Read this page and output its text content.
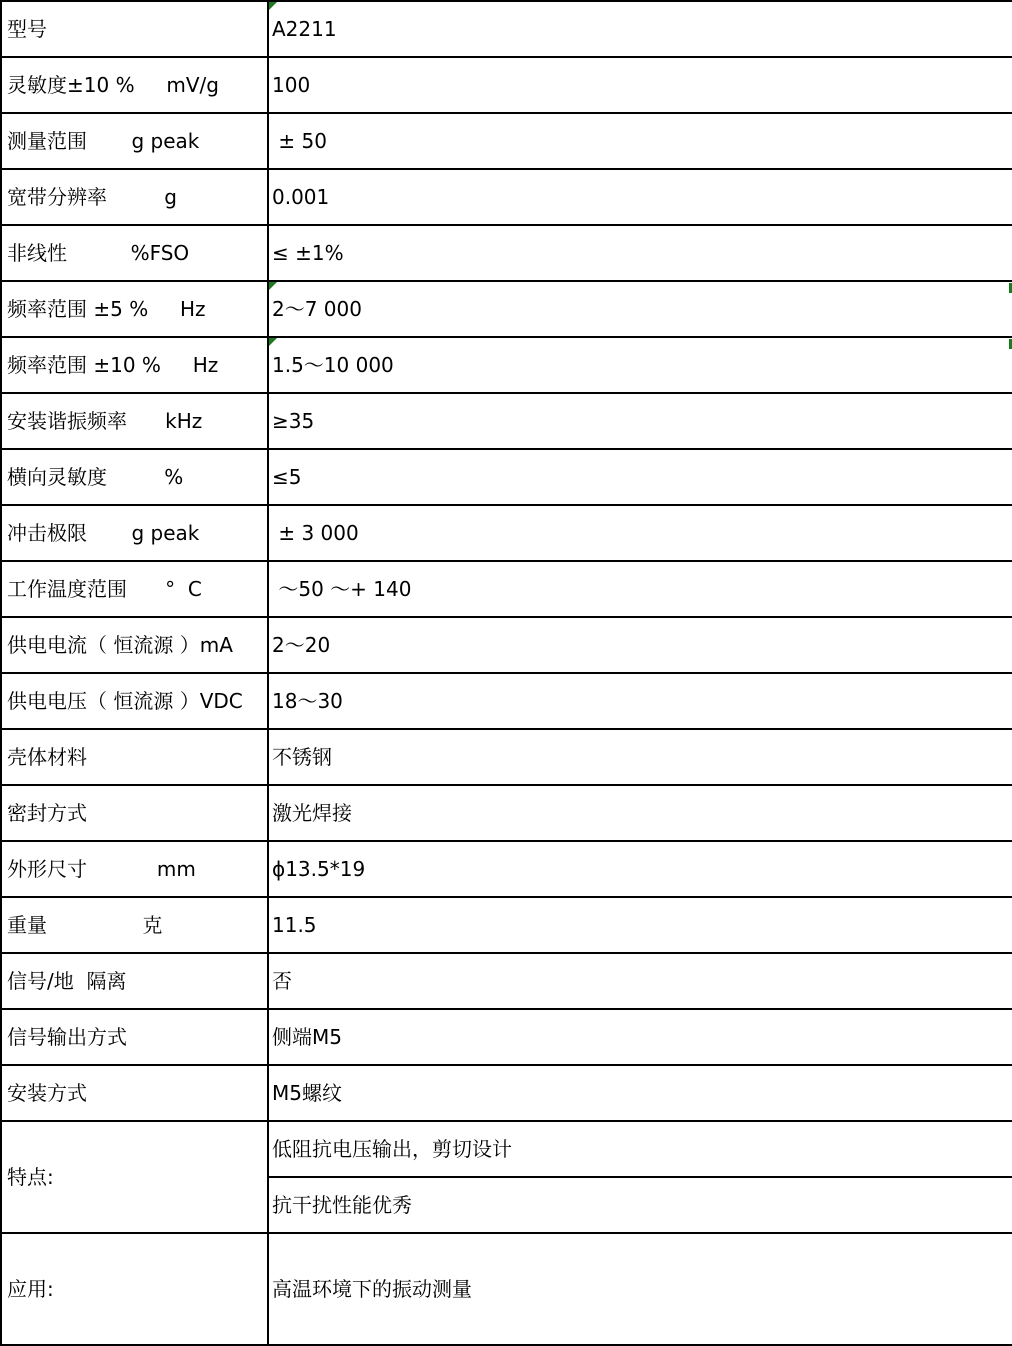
型号	A2211
灵敏度±10 %     mV/g	100
测量范围       g peak	± 50
宽带分辨率         g	0.001
非线性          %FSO	≤ ±1%
频率范围 ±5 %     Hz	2～7 000
频率范围 ±10 %     Hz	1.5～10 000
安装谐振频率      kHz	≥35
横向灵敏度         %	≤5
冲击极限       g peak	± 3 000
工作温度范围      °  C	～50 ～+ 140
供电电流（ 恒流源 ）mA	2～20
供电电压（ 恒流源 ）VDC	18～30
壳体材料	不锈钢
密封方式	激光焊接
外形尺寸           mm	ϕ13.5*19
重量               克	11.5
信号/地  隔离	否
信号输出方式	侧端M5
安装方式	M5螺纹
特点:	低阻抗电压输出，剪切设计
	抗干扰性能优秀
应用:	高温环境下的振动测量
